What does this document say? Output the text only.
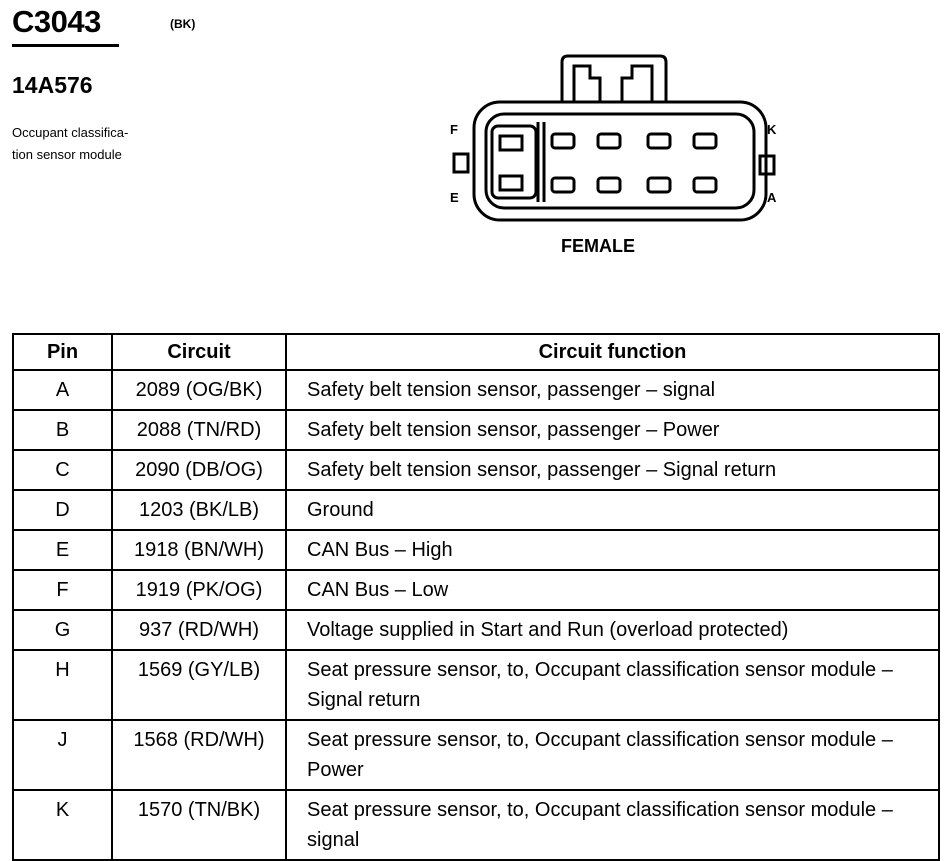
C3043	(BK)
14A576
Occupant classifica-
tion sensor module
F
E
K
A
FEMALE
Pin	Circuit	Circuit function
A	2089 (OG/BK)	Safety belt tension sensor, passenger – signal
B	2088 (TN/RD)	Safety belt tension sensor, passenger – Power
C	2090 (DB/OG)	Safety belt tension sensor, passenger – Signal return
D	1203 (BK/LB)	Ground
E	1918 (BN/WH)	CAN Bus – High
F	1919 (PK/OG)	CAN Bus – Low
G	937 (RD/WH)	Voltage supplied in Start and Run (overload protected)
H	1569 (GY/LB)	Seat pressure sensor, to, Occupant classification sensor module – Signal return
J	1568 (RD/WH)	Seat pressure sensor, to, Occupant classification sensor module – Power
K	1570 (TN/BK)	Seat pressure sensor, to, Occupant classification sensor module – signal
